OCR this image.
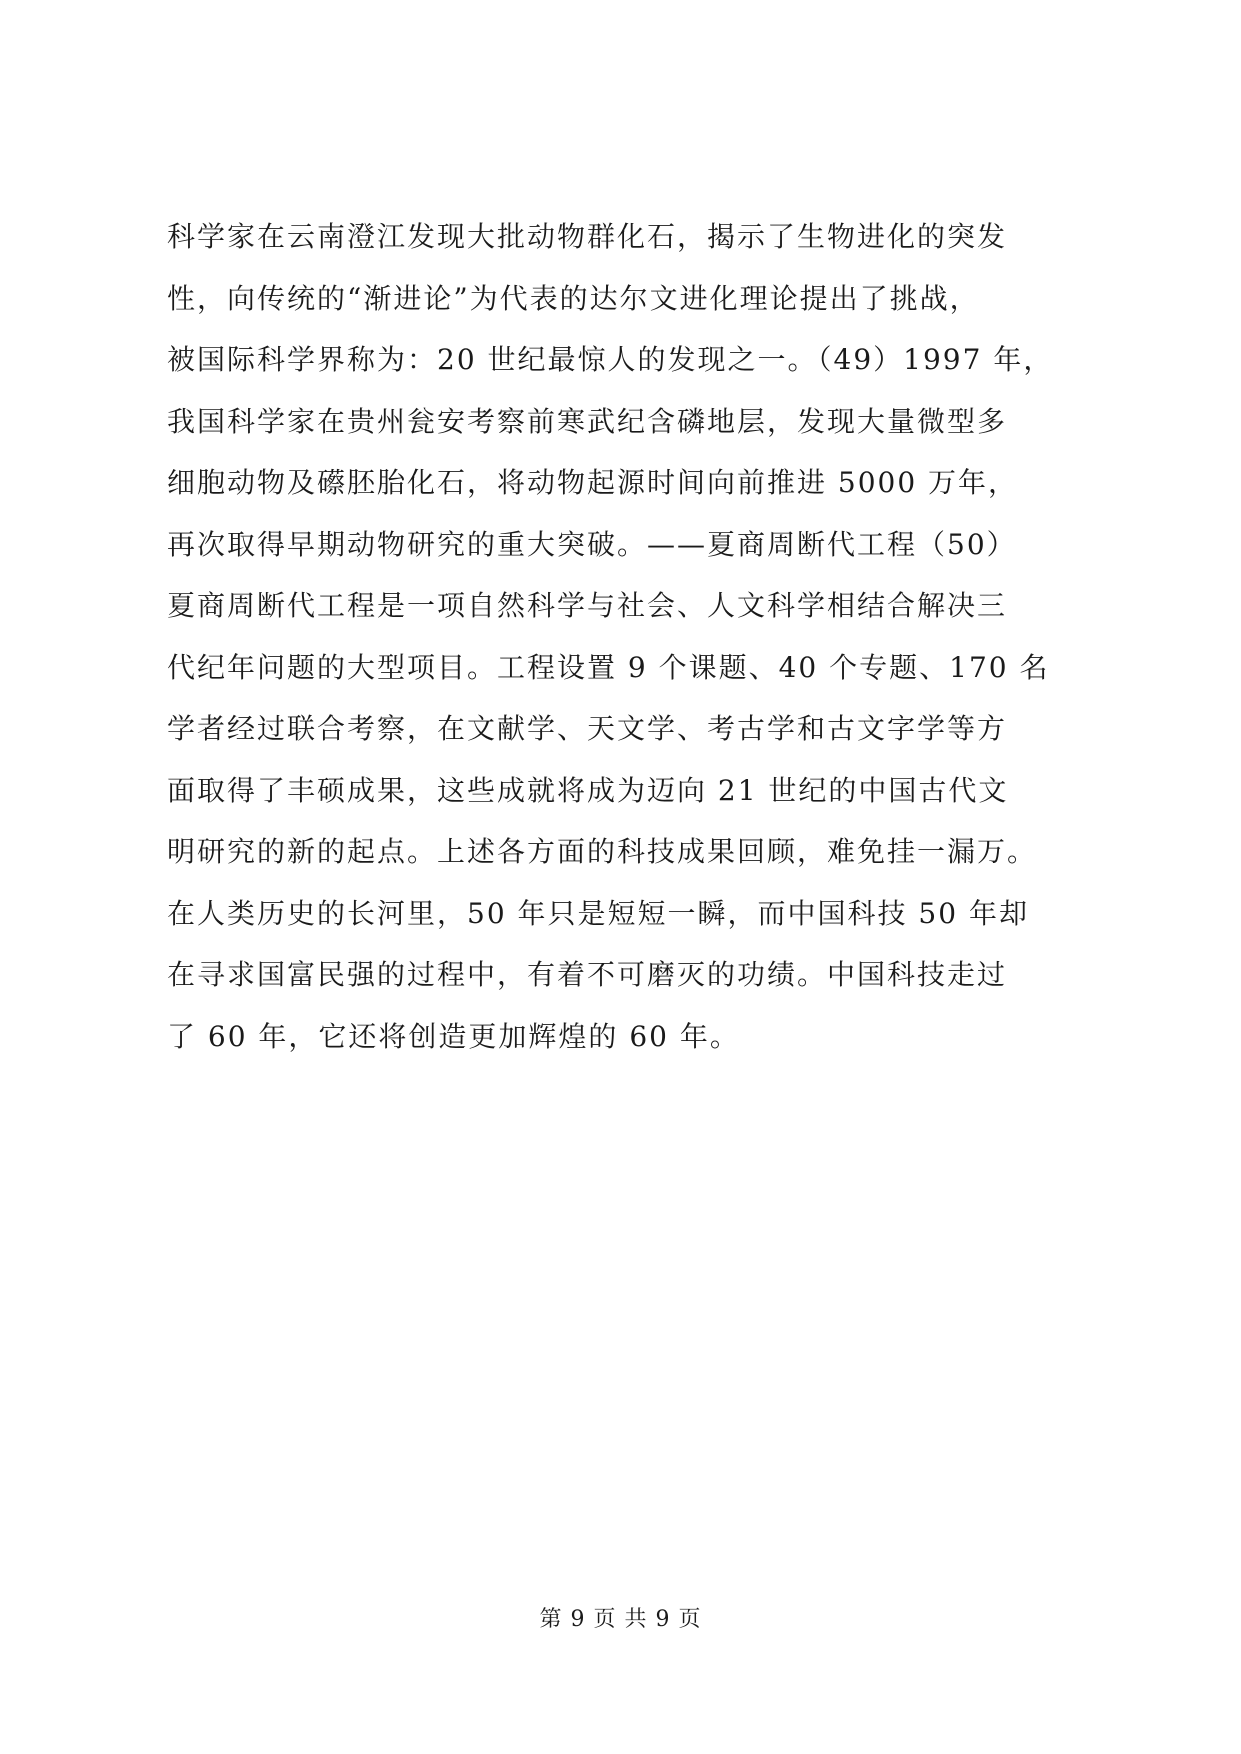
科学家在云南澄江发现大批动物群化石，揭示了生物进化的突发
性，向传统的“渐进论”为代表的达尔文进化理论提出了挑战，
被国际科学界称为：20 世纪最惊人的发现之一。（49）1997 年，
我国科学家在贵州瓮安考察前寒武纪含磷地层，发现大量微型多
细胞动物及礤胚胎化石，将动物起源时间向前推进 5000 万年，
再次取得早期动物研究的重大突破。——夏商周断代工程（50）
夏商周断代工程是一项自然科学与社会、人文科学相结合解决三
代纪年问题的大型项目。工程设置 9 个课题、40 个专题、170 名
学者经过联合考察，在文献学、天文学、考古学和古文字学等方
面取得了丰硕成果，这些成就将成为迈向 21 世纪的中国古代文
明研究的新的起点。上述各方面的科技成果回顾，难免挂一漏万。
在人类历史的长河里，50 年只是短短一瞬，而中国科技 50 年却
在寻求国富民强的过程中，有着不可磨灭的功绩。中国科技走过
了 60 年，它还将创造更加辉煌的 60 年。
第 9 页 共 9 页
